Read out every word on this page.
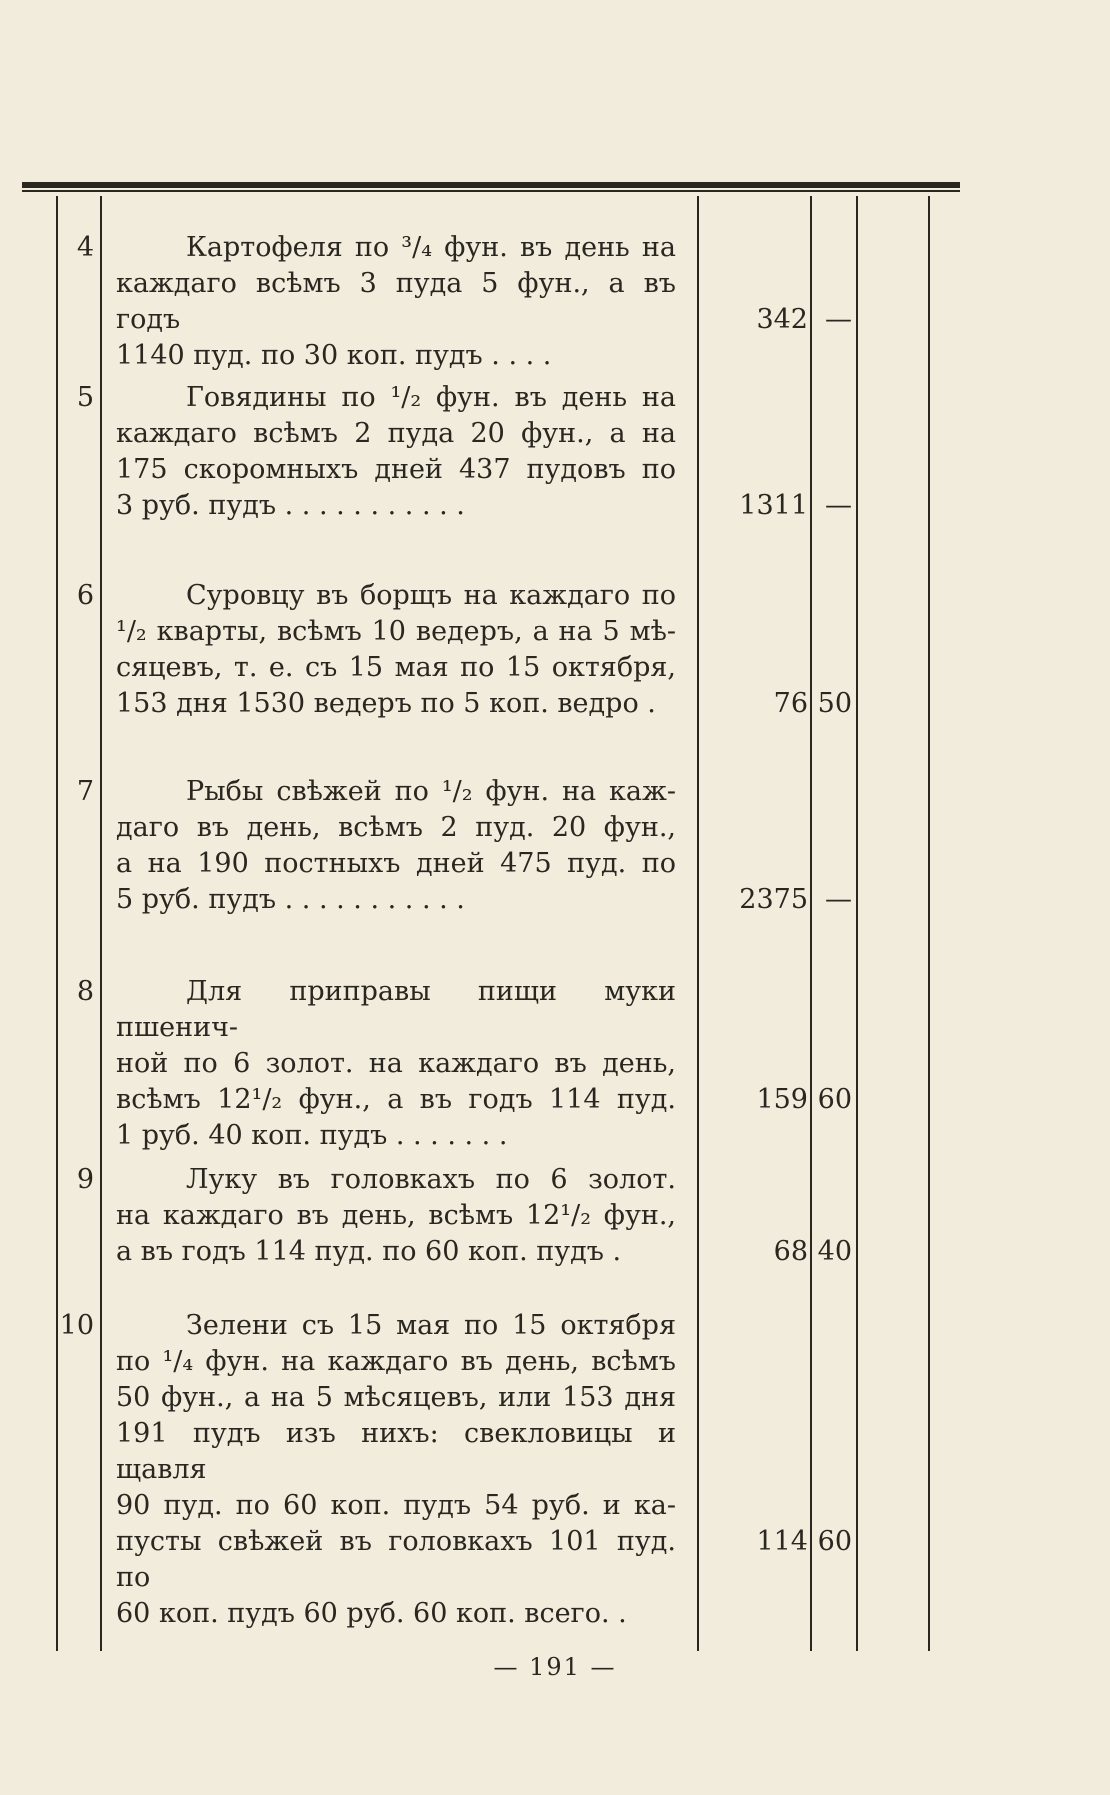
4	Картофеля по ³/₄ фун. въ день на
каждаго всѣмъ 3 пуда 5 фун., а въ годъ
1140 пуд. по 30 коп. пудъ . . . .
342 —
5	Говядины по ¹/₂ фун. въ день на
каждаго всѣмъ 2 пуда 20 фун., а на
175 скоромныхъ дней 437 пудовъ по
3 руб. пудъ . . . . . . . . . . .	1311 —
6	Суровцу въ борщъ на каждаго по
¹/₂ кварты, всѣмъ 10 ведеръ, а на 5 мѣ-
сяцевъ, т. е. съ 15 мая по 15 октября,
153 дня 1530 ведеръ по 5 коп. ведро .	76 50
7	Рыбы свѣжей по ¹/₂ фун. на каж-
даго въ день, всѣмъ 2 пуд. 20 фун.,
а на 190 постныхъ дней 475 пуд. по
5 руб. пудъ . . . . . . . . . . .	2375 —
8	Для приправы пищи муки пшенич-
ной по 6 золот. на каждаго въ день,
всѣмъ 12¹/₂ фун., а въ годъ 114 пуд.
1 руб. 40 коп. пудъ . . . . . . .
159 60
9	Луку въ головкахъ по 6 золот.
на каждаго въ день, всѣмъ 12¹/₂ фун.,
а въ годъ 114 пуд. по 60 коп. пудъ .	68 40
10	Зелени съ 15 мая по 15 октября
по ¹/₄ фун. на каждаго въ день, всѣмъ
50 фун., а на 5 мѣсяцевъ, или 153 дня
191 пудъ изъ нихъ: свекловицы и щавля
90 пуд. по 60 коп. пудъ 54 руб. и ка-
пусты свѣжей въ головкахъ 101 пуд. по
60 коп. пудъ 60 руб. 60 коп. всего. .
114 60
— 191 —
